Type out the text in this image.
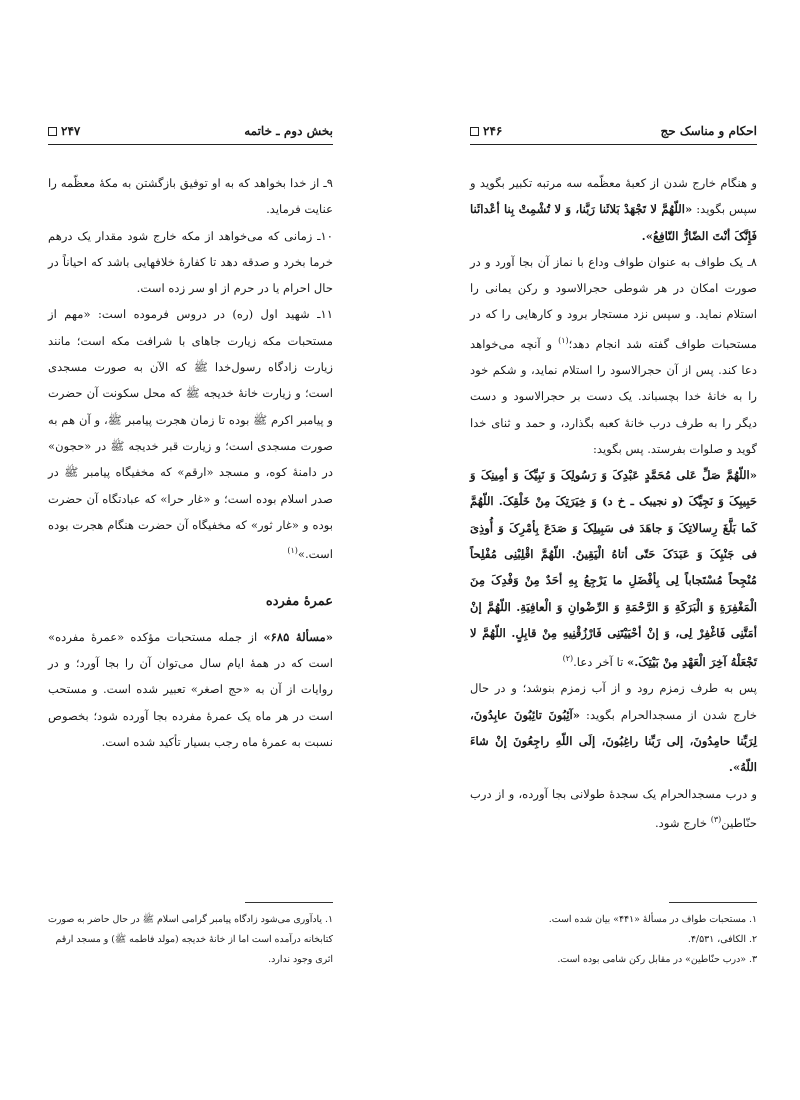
بخش دوم ـ خاتمه
۲۴۷

۹ـ از خدا بخواهد که به او توفیق بازگشتن به مکهٔ معظّمه را عنایت فرماید.

۱۰ـ زمانی که می‌خواهد از مکه خارج شود مقدار یک درهم خرما بخرد و صدقه دهد تا کفارهٔ خلافهایی باشد که احیاناً در حال احرام یا در حرم از او سر زده است.

۱۱ـ شهید اول (ره) در دروس فرموده است: «مهم از مستحبات مکه زیارت جاهای با شرافت مکه است؛ مانند زیارت زادگاه رسول‌خدا ﷺ که الآن به صورت مسجدی است؛ و زیارت خانهٔ خدیجه ﷺ که محل سکونت آن حضرت و پیامبر اکرم ﷺ بوده تا زمان هجرت پیامبر ﷺ، و آن هم به صورت مسجدی است؛ و زیارت قبر خدیجه ﷺ در «حجون» در دامنهٔ کوه، و مسجد «ارقم» که مخفیگاه پیامبر ﷺ در صدر اسلام بوده است؛ و «غار حرا» که عبادتگاه آن حضرت بوده و «غار ثور» که مخفیگاه آن حضرت هنگام هجرت بوده است.»$^{(۱)}$

عمرهٔ مفرده

«مسألهٔ ۶۸۵» از جمله مستحبات مؤکده «عمرهٔ مفرده» است که در همهٔ ایام سال می‌توان آن را بجا آورد؛ و در روایات از آن به «حج اصغر» تعبیر شده است. و مستحب است در هر ماه یک عمرهٔ مفرده بجا آورده شود؛ بخصوص نسبت به عمرهٔ ماه رجب بسیار تأکید شده است.

۱. یادآوری می‌شود زادگاه پیامبر گرامی اسلام ﷺ در حال حاضر به صورت کتابخانه درآمده است اما از خانهٔ خدیجه (مولد فاطمه ﷺ) و مسجد ارقم اثری وجود ندارد.

احکام و مناسک حج
۲۴۶

و هنگام خارج شدن از کعبهٔ معظّمه سه مرتبه تکبیر بگوید و سپس بگوید: «اللّهُمَّ لا تَجْهَدْ بَلائَنا رَبَّنا، وَ لا تُشْمِتْ بِنا أعْدائَنا فَإِنَّکَ أنْتَ الضّارُّ النّافِعُ».

۸ـ یک طواف به عنوان طواف وداع با نماز آن بجا آورد و در صورت امکان در هر شوطی حجرالاسود و رکن یمانی را استلام نماید. و سپس نزد مستجار برود و کارهایی را که در مستحبات طواف گفته شد انجام دهد؛$^{(۱)}$ و آنچه می‌خواهد دعا کند. پس از آن حجرالاسود را استلام نماید، و شکم خود را به خانهٔ خدا بچسباند. یک دست بر حجرالاسود و دست دیگر را به طرف درب خانهٔ کعبه بگذارد، و حمد و ثنای خدا گوید و صلوات بفرستد. پس بگوید:

«اللّهُمَّ صَلِّ عَلی مُحَمَّدٍ عَبْدِکَ وَ رَسُولِکَ وَ نَبِیِّکَ وَ أمِینِکَ وَ حَبِیبِکَ وَ نَجِیِّکَ (و نجیبک ـ خ د) وَ خِیَرَتِکَ مِنْ خَلْقِکَ. اللّهُمَّ کَما بَلَّغَ رِسالاتِکَ وَ جاهَدَ فی سَبِیلِکَ وَ صَدَعَ بِأمْرِکَ وَ أُوذِیَ فی جَنْبِکَ وَ عَبَدَکَ حَتّی أتاهُ الْیَقِینُ. اللّهُمَّ اقْلِبْنِی مُفْلِحاً مُنْجِحاً مُسْتَجاباً لِی بِأفْضَلِ ما یَرْجِعُ بِهِ أحَدٌ مِنْ وَفْدِکَ مِنَ الْمَغْفِرَةِ وَ الْبَرَکَةِ وَ الرَّحْمَةِ وَ الرِّضْوانِ وَ الْعافِیَةِ. اللّهُمَّ إنْ أمَتَّنِی فَاغْفِرْ لِی، وَ إنْ أحْیَیْتَنِی فَارْزُقْنِیهِ مِنْ قابِلٍ. اللّهُمَّ لا تَجْعَلْهُ آخِرَ الْعَهْدِ مِنْ بَیْتِکَ.» تا آخر دعا.$^{(۲)}$

پس به طرف زمزم رود و از آب زمزم بنوشد؛ و در حال خارج شدن از مسجدالحرام بگوید: «آئِبُونَ تائِبُونَ عابِدُونَ، لِرَبِّنا حامِدُونَ، إلی رَبِّنا راغِبُونَ، إلَی اللّهِ راجِعُونَ إنْ شاءَ اللّهُ».

و درب مسجدالحرام یک سجدهٔ طولانی بجا آورده، و از درب حنّاطین$^{(۳)}$ خارج شود.

۱. مستحبات طواف در مسألهٔ «۴۴۱» بیان شده است.

۲. الکافی، ۴/۵۳۱.

۳. «درب حنّاطین» در مقابل رکن شامی بوده است.
